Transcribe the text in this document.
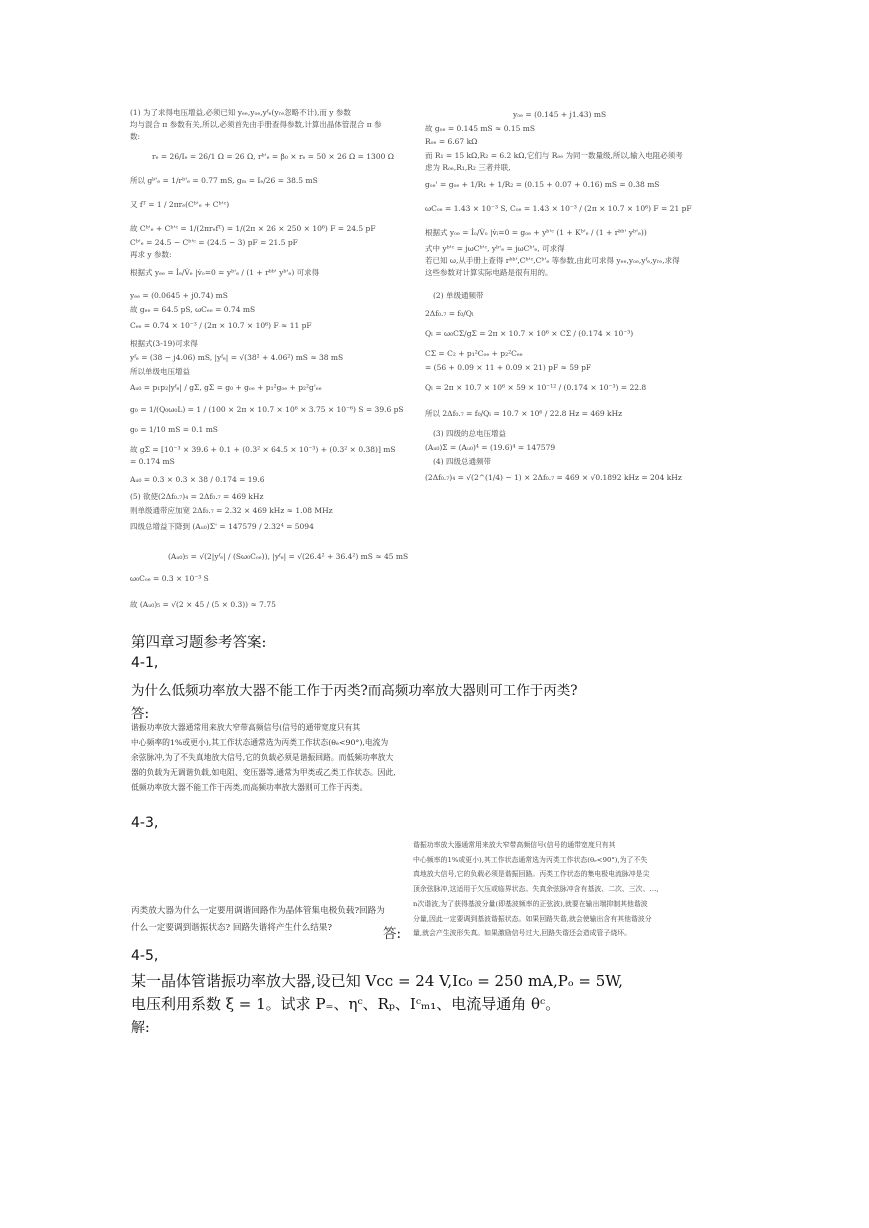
(1) 为了求得电压增益,必须已知 yₑₑ,yₒₑ,yᶠₑ(yᵣₑ忽略不计),而 y 参数
均与混合 π 参数有关,所以,必须首先由手册查得参数,计算出晶体管混合 π 参
数:
rₑ = 26/Iₑ = 26/1 Ω = 26 Ω, rᵇ'ₑ = β₀ × rₑ = 50 × 26 Ω = 1300 Ω
所以 gᵇ'ₑ = 1/rᵇ'ₑ = 0.77 mS, gₘ = Iₑ/26 = 38.5 mS
又 fᵀ = 1 / 2πrₑ(Cᵇ'ₑ + Cᵇ'ᶜ)
故 Cᵇ'ₑ + Cᵇ'ᶜ = 1/(2πrₑfᵀ) = 1/(2π × 26 × 250 × 10⁶) F = 24.5 pF
Cᵇ'ₑ = 24.5 − Cᵇ'ᶜ = (24.5 − 3) pF = 21.5 pF
再求 y 参数:
根据式 yₑₑ = İₑ/V̇ₑ |v̇ₒ=0 = yᵇ'ₑ / (1 + rᵇᵇ' yᵇ'ₑ) 可求得
yₒₑ = (0.145 + j1.43) mS
故 gₒₑ = 0.145 mS ≈ 0.15 mS
Rₒₑ = 6.67 kΩ
而 R₁ = 15 kΩ,R₂ = 6.2 kΩ,它们与 Rₒₑ 为同一数量级,所以,输入电阻必须考
虑为 Rₒₑ,R₁,R₂ 三者并联,
gₒₑ' = gₒₑ + 1/R₁ + 1/R₂ = (0.15 + 0.07 + 0.16) mS = 0.38 mS
ωCₒₑ = 1.43 × 10⁻³ S, Cₒₑ = 1.43 × 10⁻³ / (2π × 10.7 × 10⁶) F = 21 pF
根据式 yₒₑ = İₒ/V̇ₒ |v̇ᵢ=0 = gₒₑ + yᵇ'ᶜ (1 + Kᵇ'ₑ / (1 + rᵇᵇ' yᵇ'ₑ))
式中 yᵇ'ᶜ = jωCᵇ'ᶜ, yᵇ'ₑ = jωCᵇ'ₑ, 可求得
若已知 ω,从手册上查得 rᵇᵇ',Cᵇ'ᶜ,Cᵇ'ₑ 等参数,由此可求得 yₑₑ,yₒₑ,yᶠₑ,yᵣₑ,求得
这些参数对计算实际电路是很有用的。
yₑₑ = (0.0645 + j0.74) mS
故 gₑₑ = 64.5 pS, ωCₑₑ = 0.74 mS
Cₑₑ = 0.74 × 10⁻³ / (2π × 10.7 × 10⁶) F ≈ 11 pF
根据式(3-19)可求得
yᶠₑ = (38 − j4.06) mS, |yᶠₑ| = √(38² + 4.06²) mS ≈ 38 mS
所以单级电压增益
Aᵤ₀ = p₁p₂|yᶠₑ| / gΣ, gΣ = g₀ + gₒₑ + p₁²gₒₑ + p₂²g'ₑₑ
g₀ = 1/(Q₀ω₀L) = 1 / (100 × 2π × 10.7 × 10⁶ × 3.75 × 10⁻⁶) S = 39.6 pS
g₀ = 1/10 mS = 0.1 mS
故 gΣ = [10⁻³ × 39.6 + 0.1 + (0.3² × 64.5 × 10⁻³) + (0.3² × 0.38)] mS
= 0.174 mS
Aᵤ₀ = 0.3 × 0.3 × 38 / 0.174 = 19.6
(2) 单级通频带
2Δf₀.₇ = f₀/Qₗ
Qₗ = ω₀CΣ/gΣ = 2π × 10.7 × 10⁶ × CΣ / (0.174 × 10⁻³)
CΣ = C₂ + p₁²Cₒₑ + p₂²Cₑₑ
= (56 + 0.09 × 11 + 0.09 × 21) pF ≈ 59 pF
Qₗ = 2π × 10.7 × 10⁶ × 59 × 10⁻¹² / (0.174 × 10⁻³) = 22.8
所以 2Δf₀.₇ = f₀/Qₗ = 10.7 × 10⁶ / 22.8 Hz = 469 kHz
(3) 四级的总电压增益
(Aᵤ₀)Σ = (Aᵤ₀)⁴ = (19.6)⁴ = 147579
(4) 四级总通频带
(2Δf₀.₇)₄ = √(2^(1/4) − 1) × 2Δf₀.₇ = 469 × √0.1892 kHz = 204 kHz
(5) 欲使(2Δf₀.₇)₄ = 2Δf₀.₇ = 469 kHz
则单级通带应加宽 2Δf₀.₇ = 2.32 × 469 kHz ≈ 1.08 MHz
四级总增益下降到 (Aᵤ₀)Σ' = 147579 / 2.32⁴ = 5094
(Aᵤ₀)₅ = √(2|yᶠₑ| / (Sω₀Cₒₑ)), |yᶠₑ| = √(26.4² + 36.4²) mS ≈ 45 mS
ω₀Cₒₑ = 0.3 × 10⁻³ S
故 (Aᵤ₀)₅ = √(2 × 45 / (5 × 0.3)) ≈ 7.75
第四章习题参考答案:
4-1,
为什么低频功率放大器不能工作于丙类?而高频功率放大器则可工作于丙类?
答:
谐振功率放大器通常用来放大窄带高频信号(信号的通带宽度只有其
中心频率的1%或更小),其工作状态通常选为丙类工作状态(θₑ<90°),电流为
余弦脉冲,为了不失真地放大信号,它的负载必须是谐振回路。而低频功率放大
器的负载为无调谐负载,如电阻、变压器等,通常为甲类或乙类工作状态。因此,
低频功率放大器不能工作于丙类,而高频功率放大器则可工作于丙类。
4-3,
谐振功率放大器通常用来放大窄带高频信号(信号的通带宽度只有其
中心频率的1%或更小),其工作状态通常选为丙类工作状态(θₑ<90°),为了不失
真地放大信号,它的负载必须是谐振回路。丙类工作状态的集电极电流脉冲是尖
顶余弦脉冲,这适用于欠压或临界状态。失真余弦脉冲含有基波、二次、三次、…,
n次谐波,为了获得基波分量(即基波频率的正弦波),就要在输出端抑制其他谐波
分量,因此一定要调到基波谐振状态。如果回路失谐,就会使输出含有其他谐波分
量,就会产生波形失真。如果激励信号过大,回路失谐还会造成管子烧坏。
丙类放大器为什么一定要用调谐回路作为晶体管集电极负载?回路为
什么一定要调到谐振状态? 回路失谐将产生什么结果?	答:
4-5,
某一晶体管谐振功率放大器,设已知 Vᴄᴄ = 24 V,Iᴄ₀ = 250 mA,Pₒ = 5W,
电压利用系数 ξ = 1。试求 P₌、ηᶜ、Rₚ、Iᶜₘ₁、电流导通角 θᶜ。
解:
